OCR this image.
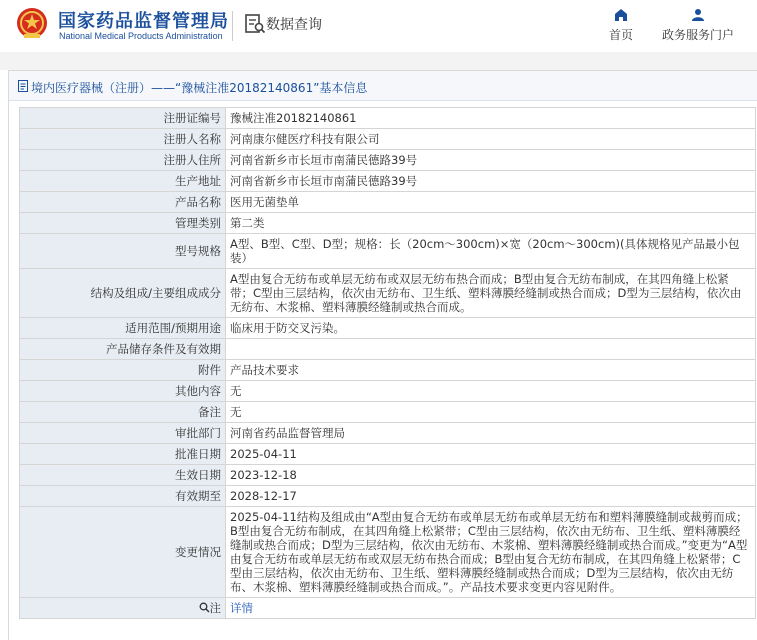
国家药品监督管理局
National Medical Products Administration
数据查询
首页	政务服务门户
境内医疗器械（注册）——“豫械注准20182140861”基本信息
注册证编号	豫械注准20182140861
注册人名称	河南康尔健医疗科技有限公司
注册人住所	河南省新乡市长垣市南蒲民德路39号
生产地址	河南省新乡市长垣市南蒲民德路39号
产品名称	医用无菌垫单
管理类别	第二类
型号规格	A型、B型、C型、D型；规格：长（20cm～300cm)×宽（20cm～300cm)(具体规格见产品最小包装）
结构及组成/主要组成成分	A型由复合无纺布或单层无纺布或双层无纺布热合而成；B型由复合无纺布制成，在其四角缝上松紧带；C型由三层结构，依次由无纺布、卫生纸、塑料薄膜经缝制或热合而成；D型为三层结构，依次由无纺布、木浆棉、塑料薄膜经缝制或热合而成。
适用范围/预期用途	临床用于防交叉污染。
产品储存条件及有效期	
附件	产品技术要求
其他内容	无
备注	无
审批部门	河南省药品监督管理局
批准日期	2025-04-11
生效日期	2023-12-18
有效期至	2028-12-17
变更情况	2025-04-11结构及组成由“A型由复合无纺布或单层无纺布或单层无纺布和塑料薄膜缝制或裁剪而成；B型由复合无纺布制成，在其四角缝上松紧带；C型由三层结构，依次由无纺布、卫生纸、塑料薄膜经缝制或热合而成；D型为三层结构，依次由无纺布、木浆棉、塑料薄膜经缝制或热合而成。”变更为“A型由复合无纺布或单层无纺布或双层无纺布热合而成；B型由复合无纺布制成，在其四角缝上松紧带；C型由三层结构，依次由无纺布、卫生纸、塑料薄膜经缝制或热合而成；D型为三层结构，依次由无纺布、木浆棉、塑料薄膜经缝制或热合而成。”。产品技术要求变更内容见附件。
注	详情
